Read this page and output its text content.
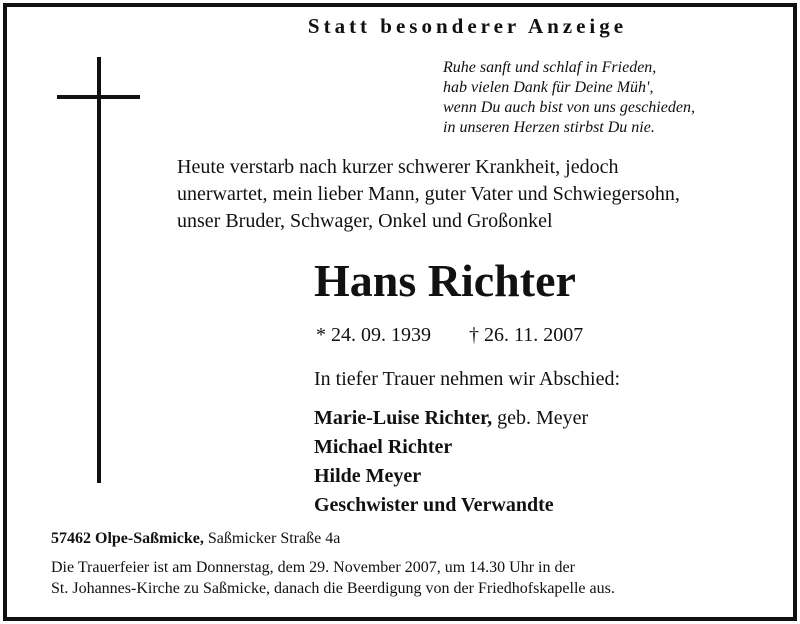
Statt besonderer Anzeige
Ruhe sanft und schlaf in Frieden,
hab vielen Dank für Deine Müh',
wenn Du auch bist von uns geschieden,
in unseren Herzen stirbst Du nie.
Heute verstarb nach kurzer schwerer Krankheit, jedoch
unerwartet, mein lieber Mann, guter Vater und Schwiegersohn,
unser Bruder, Schwager, Onkel und Großonkel
Hans Richter
* 24. 09. 1939 † 26. 11. 2007
In tiefer Trauer nehmen wir Abschied:
Marie-Luise Richter, geb. Meyer
Michael Richter
Hilde Meyer
Geschwister und Verwandte
57462 Olpe-Saßmicke, Saßmicker Straße 4a
Die Trauerfeier ist am Donnerstag, dem 29. November 2007, um 14.30 Uhr in der
St. Johannes-Kirche zu Saßmicke, danach die Beerdigung von der Friedhofskapelle aus.
